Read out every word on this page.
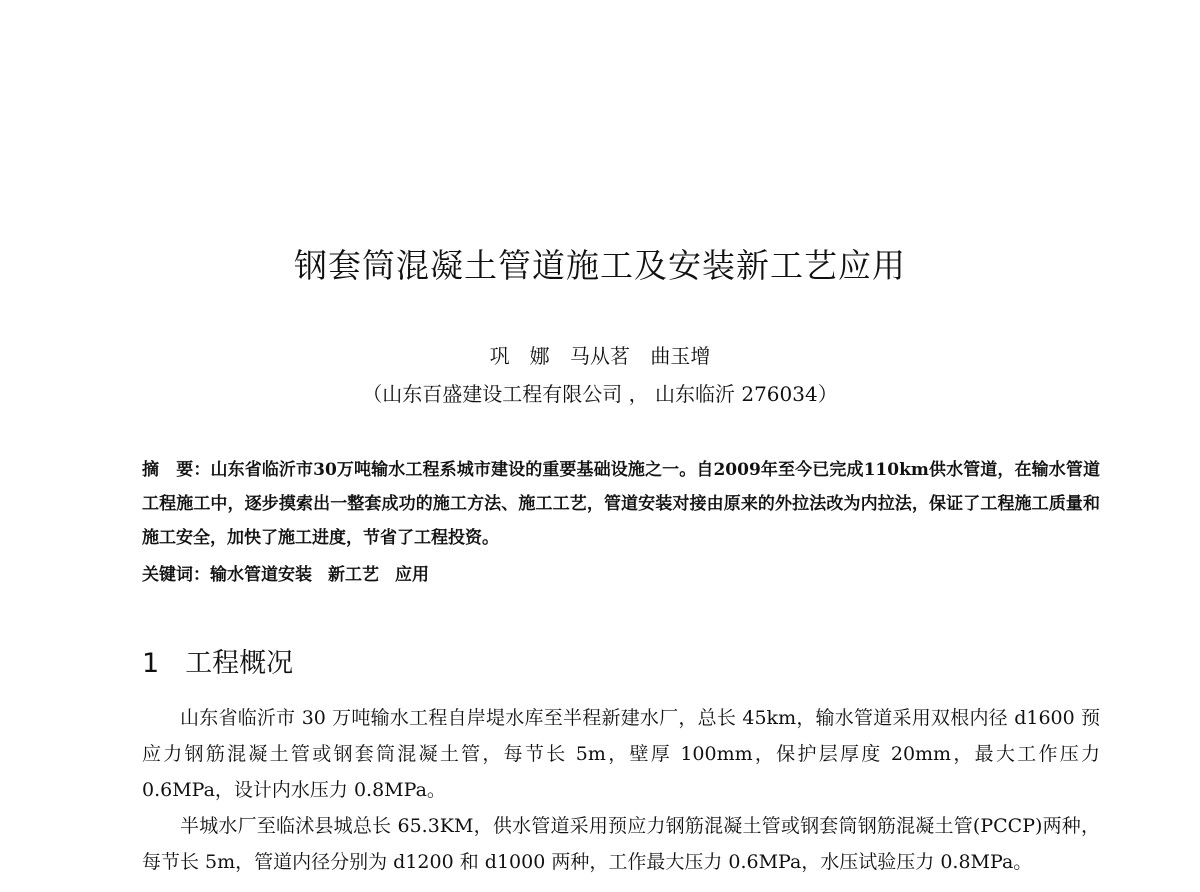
钢套筒混凝土管道施工及安装新工艺应用
巩　娜 马从茗 曲玉增
（山东百盛建设工程有限公司 ， 山东临沂 276034）

摘　要：山东省临沂市30万吨输水工程系城市建设的重要基础设施之一。自2009年至今已完成110km供水管道，在输水管道工程施工中，逐步摸索出一整套成功的施工方法、施工工艺，管道安装对接由原来的外拉法改为内拉法，保证了工程施工质量和施工安全，加快了施工进度，节省了工程投资。

关键词：输水管道安装 新工艺 应用

1 工程概况

山东省临沂市 30 万吨输水工程自岸堤水库至半程新建水厂，总长 45km，输水管道采用双根内径 d1600 预应力钢筋混凝土管或钢套筒混凝土管，每节长 5m，壁厚 100mm，保护层厚度 20mm，最大工作压力 0.6MPa，设计内水压力 0.8MPa。

半城水厂至临沭县城总长 65.3KM，供水管道采用预应力钢筋混凝土管或钢套筒钢筋混凝土管(PCCP)两种，每节长 5m，管道内径分别为 d1200 和 d1000 两种，工作最大压力 0.6MPa，水压试验压力 0.8MPa。
